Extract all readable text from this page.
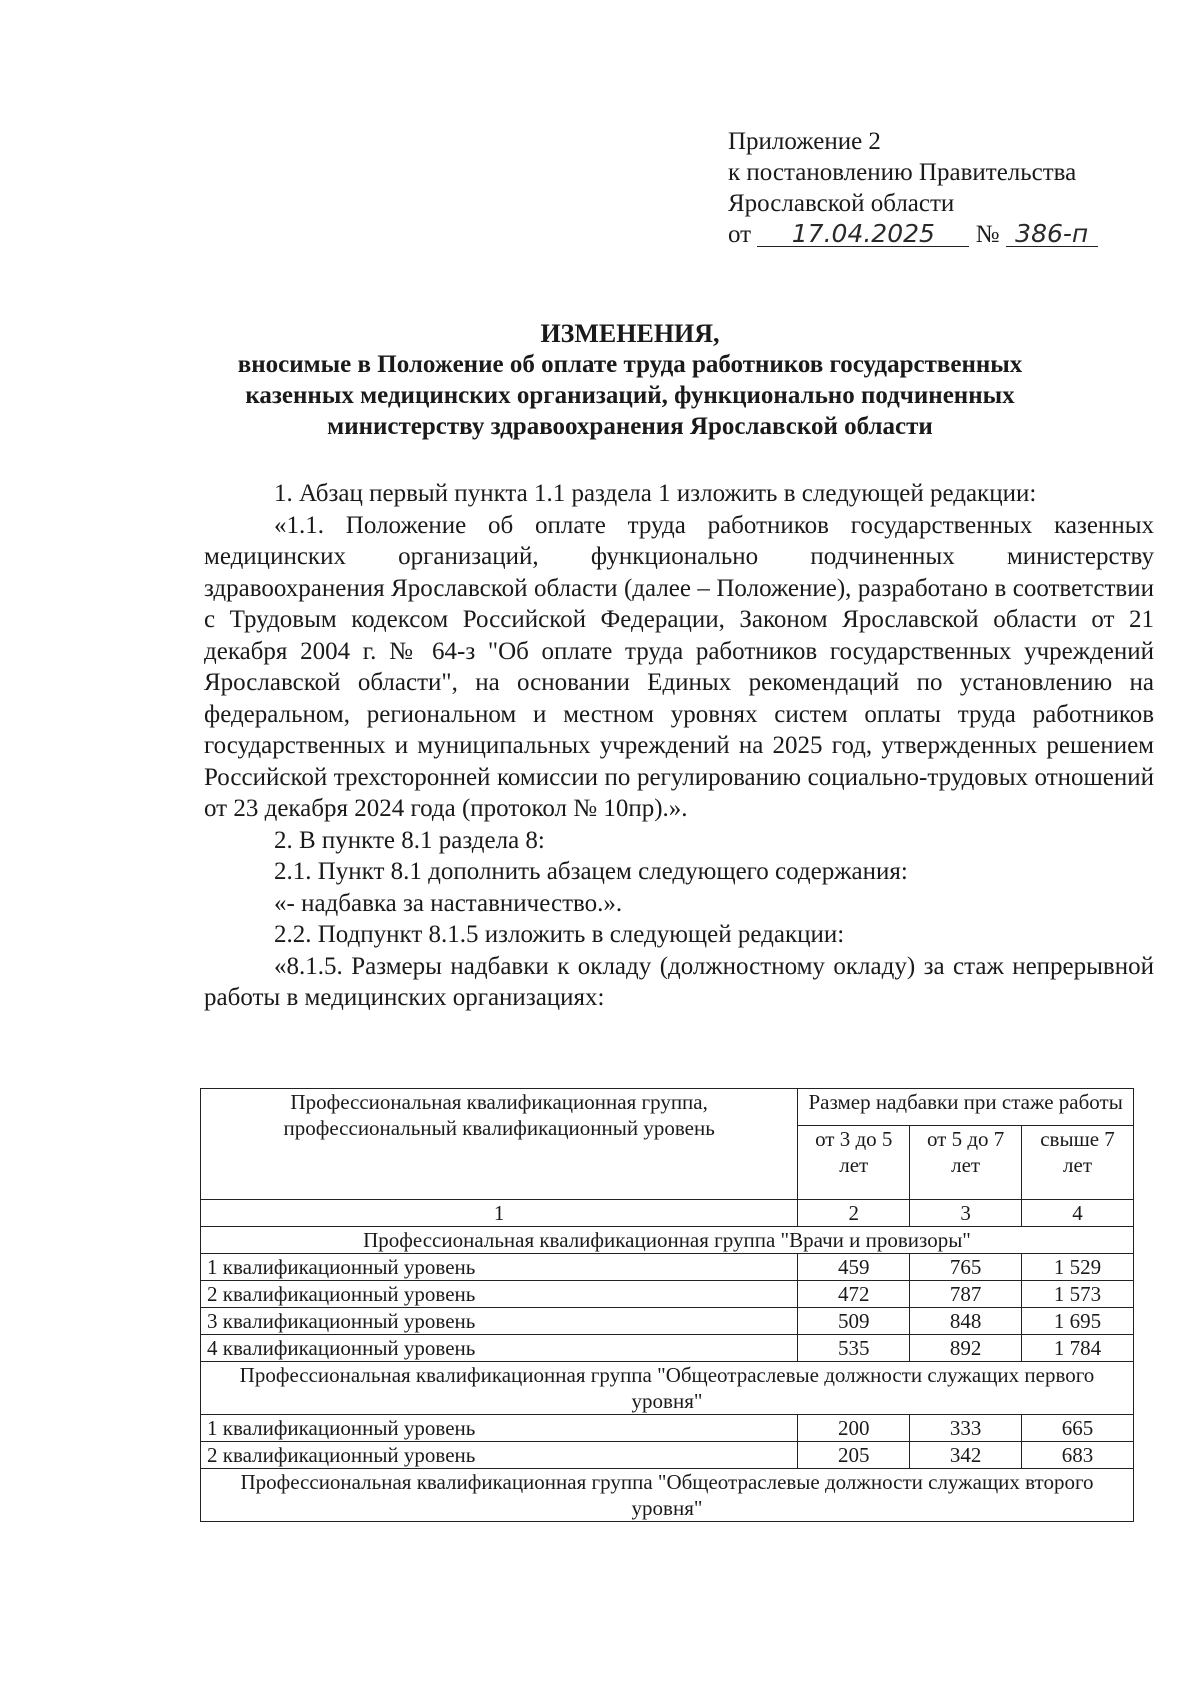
Приложение 2
к постановлению Правительства
Ярославской области
от 17.04.2025 № 386-п
ИЗМЕНЕНИЯ,
вносимые в Положение об оплате труда работников государственных
казенных медицинских организаций, функционально подчиненных
министерству здравоохранения Ярославской области

1. Абзац первый пункта 1.1 раздела 1 изложить в следующей редакции:

«1.1. Положение об оплате труда работников государственных казенных медицинских организаций, функционально подчиненных министерству здравоохранения Ярославской области (далее – Положение), разработано в соответствии с Трудовым кодексом Российской Федерации, Законом Ярославской области от 21 декабря 2004 г. № 64-з "Об оплате труда работников государственных учреждений Ярославской области", на основании Единых рекомендаций по установлению на федеральном, региональном и местном уровнях систем оплаты труда работников государственных и муниципальных учреждений на 2025 год, утвержденных решением Российской трехсторонней комиссии по регулированию социально-трудовых отношений от 23 декабря 2024 года (протокол № 10пр).».

2. В пункте 8.1 раздела 8:

2.1. Пункт 8.1 дополнить абзацем следующего содержания:

«- надбавка за наставничество.».

2.2. Подпункт 8.1.5 изложить в следующей редакции:

«8.1.5. Размеры надбавки к окладу (должностному окладу) за стаж непрерывной работы в медицинских организациях:

Профессиональная квалификационная группа, профессиональный квалификационный уровень	Размер надбавки при стаже работы		
	от 3 до 5 лет	от 5 до 7 лет	свыше 7 лет
1	2	3	4
Профессиональная квалификационная группа "Врачи и провизоры"			
1 квалификационный уровень	459	765	1 529
2 квалификационный уровень	472	787	1 573
3 квалификационный уровень	509	848	1 695
4 квалификационный уровень	535	892	1 784
Профессиональная квалификационная группа "Общеотраслевые должности служащих первого уровня"			
1 квалификационный уровень	200	333	665
2 квалификационный уровень	205	342	683
Профессиональная квалификационная группа "Общеотраслевые должности служащих второго уровня"			
